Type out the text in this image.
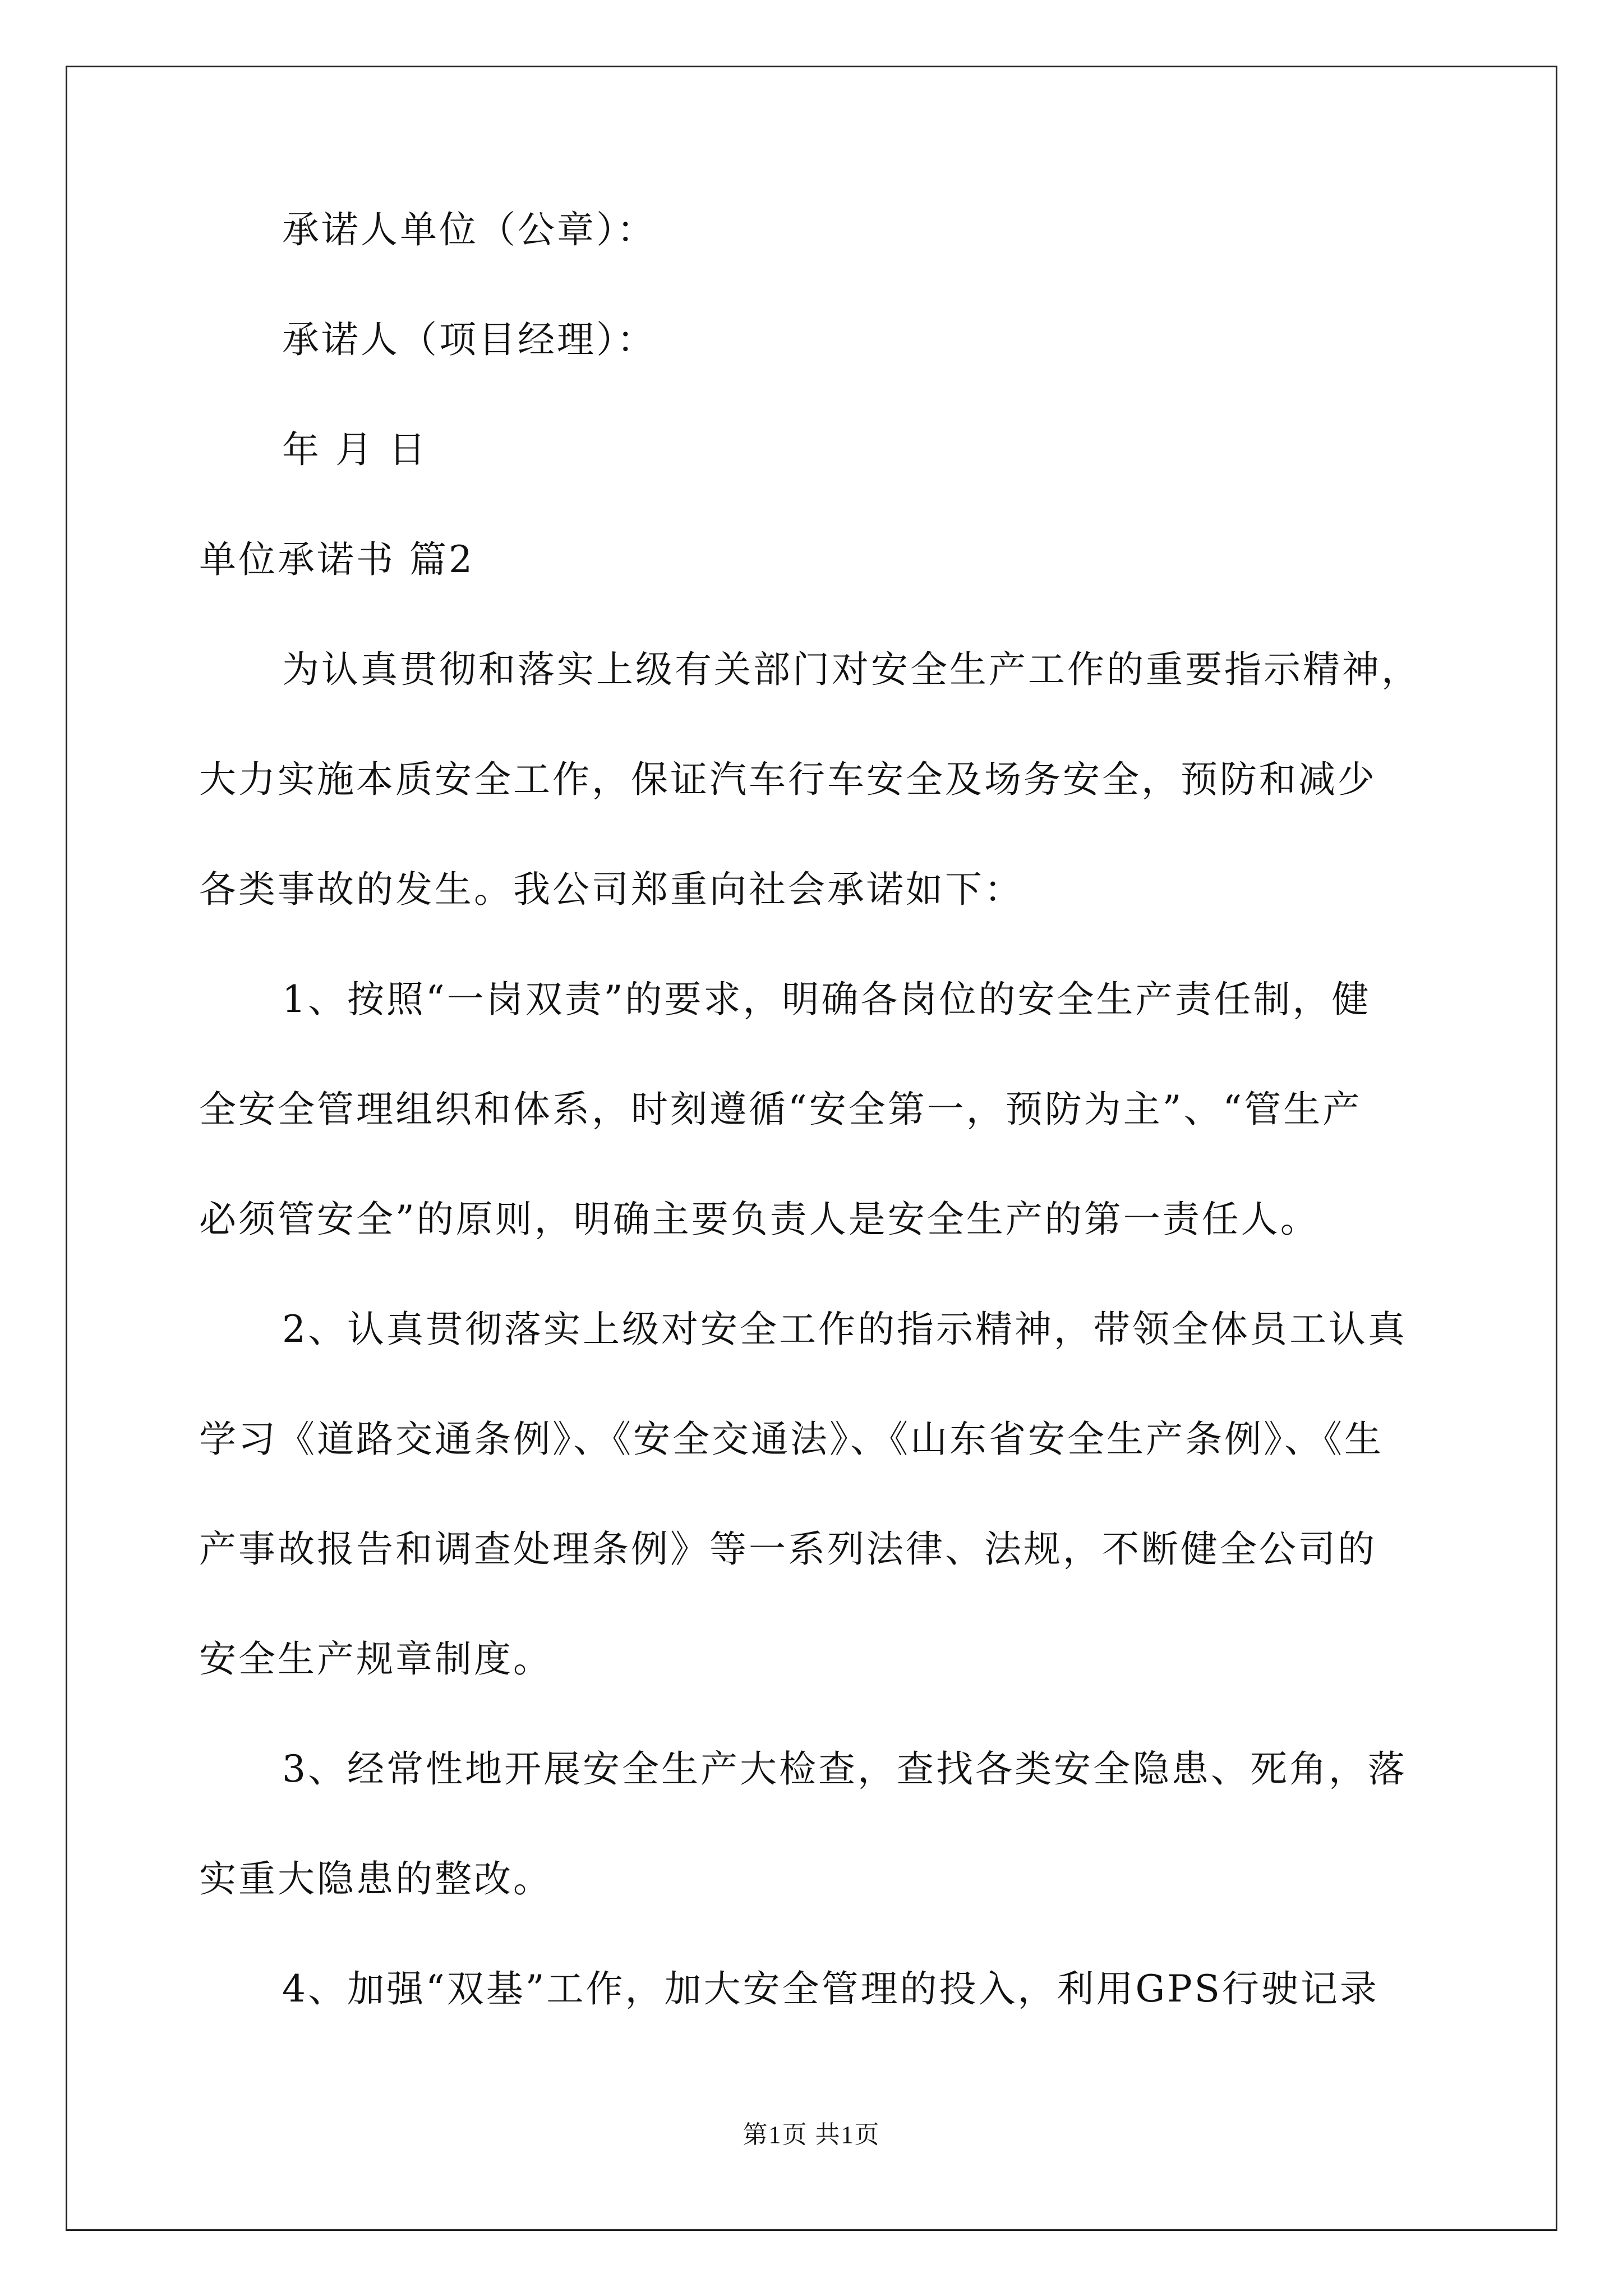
承诺人单位（公章）：
承诺人（项目经理）：
年 月 日
单位承诺书 篇2
为认真贯彻和落实上级有关部门对安全生产工作的重要指示精神，
大力实施本质安全工作，保证汽车行车安全及场务安全，预防和减少
各类事故的发生。我公司郑重向社会承诺如下：
1、按照“一岗双责”的要求，明确各岗位的安全生产责任制，健
全安全管理组织和体系，时刻遵循“安全第一，预防为主”、“管生产
必须管安全”的原则，明确主要负责人是安全生产的第一责任人。
2、认真贯彻落实上级对安全工作的指示精神，带领全体员工认真
学习《道路交通条例》、《安全交通法》、《山东省安全生产条例》、《生
产事故报告和调查处理条例》等一系列法律、法规，不断健全公司的
安全生产规章制度。
3、经常性地开展安全生产大检查，查找各类安全隐患、死角，落
实重大隐患的整改。
4、加强“双基”工作，加大安全管理的投入，利用GPS行驶记录
第1页 共1页
